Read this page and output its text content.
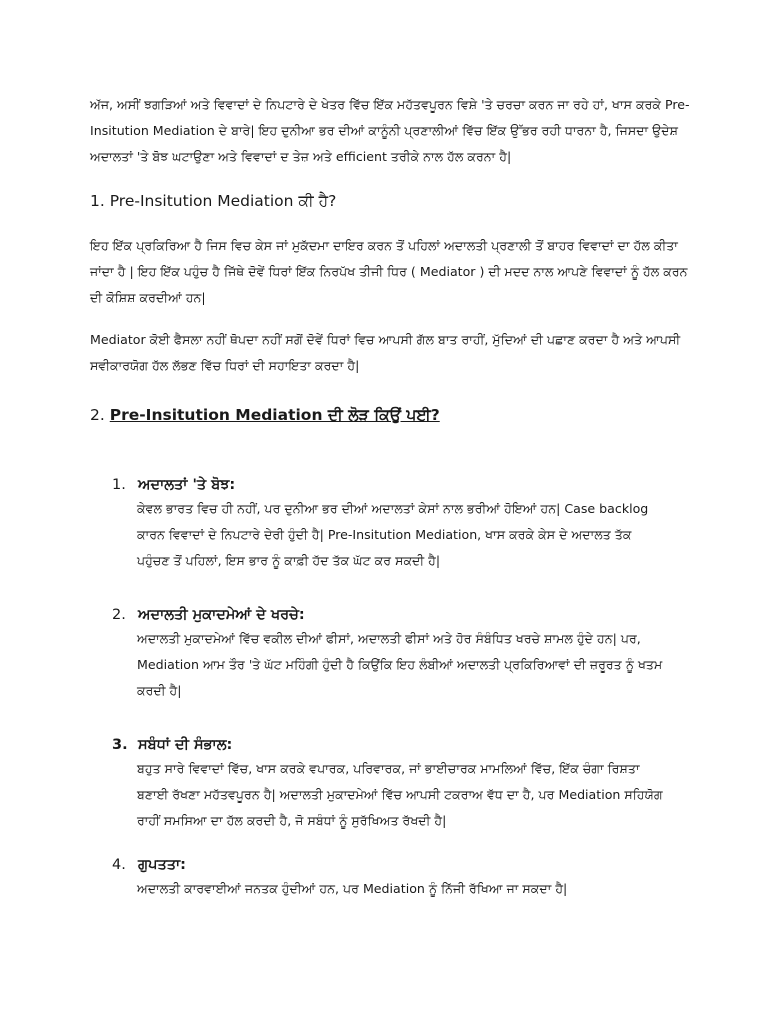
ਅੱਜ, ਅਸੀਂ ਝਗੜਿਆਂ ਅਤੇ ਵਿਵਾਦਾਂ ਦੇ ਨਿਪਟਾਰੇ ਦੇ ਖੇਤਰ ਵਿੱਚ ਇੱਕ ਮਹੱਤਵਪੂਰਨ ਵਿਸ਼ੇ 'ਤੇ ਚਰਚਾ ਕਰਨ ਜਾ ਰਹੇ ਹਾਂ, ਖਾਸ ਕਰਕੇ Pre-Insitution Mediation ਦੇ ਬਾਰੇ| ਇਹ ਦੁਨੀਆ ਭਰ ਦੀਆਂ ਕਾਨੂੰਨੀ ਪ੍ਰਣਾਲੀਆਂ ਵਿੱਚ ਇੱਕ ਉੱਭਰ ਰਹੀ ਧਾਰਨਾ ਹੈ, ਜਿਸਦਾ ਉਦੇਸ਼ ਅਦਾਲਤਾਂ 'ਤੇ ਬੋਝ ਘਟਾਉਣਾ ਅਤੇ ਵਿਵਾਦਾਂ ਦ ਤੇਜ਼ ਅਤੇ efficient ਤਰੀਕੇ ਨਾਲ ਹੱਲ ਕਰਨਾ ਹੈ|

1. Pre-Insitution Mediation ਕੀ ਹੈ?

ਇਹ ਇੱਕ ਪ੍ਰਕਿਰਿਆ ਹੈ ਜਿਸ ਵਿਚ ਕੇਸ ਜਾਂ ਮੁਕੱਦਮਾ ਦਾਇਰ ਕਰਨ ਤੋਂ ਪਹਿਲਾਂ ਅਦਾਲਤੀ ਪ੍ਰਣਾਲੀ ਤੋਂ ਬਾਹਰ ਵਿਵਾਦਾਂ ਦਾ ਹੱਲ ਕੀਤਾ ਜਾਂਦਾ ਹੈ | ਇਹ ਇੱਕ ਪਹੁੰਚ ਹੈ ਜਿੱਥੇ ਦੋਵੇਂ ਧਿਰਾਂ ਇੱਕ ਨਿਰਪੱਖ ਤੀਜੀ ਧਿਰ ( Mediator ) ਦੀ ਮਦਦ ਨਾਲ ਆਪਣੇ ਵਿਵਾਦਾਂ ਨੂੰ ਹੱਲ ਕਰਨ ਦੀ ਕੋਸ਼ਿਸ਼ ਕਰਦੀਆਂ ਹਨ|

Mediator ਕੋਈ ਫੈਸਲਾ ਨਹੀਂ ਥੋਪਦਾ ਨਹੀਂ ਸਗੋਂ ਦੋਵੇਂ ਧਿਰਾਂ ਵਿਚ ਆਪਸੀ ਗੱਲ ਬਾਤ ਰਾਹੀਂ, ਮੁੱਦਿਆਂ ਦੀ ਪਛਾਣ ਕਰਦਾ ਹੈ ਅਤੇ ਆਪਸੀ ਸਵੀਕਾਰਯੋਗ ਹੱਲ ਲੱਭਣ ਵਿੱਚ ਧਿਰਾਂ ਦੀ ਸਹਾਇਤਾ ਕਰਦਾ ਹੈ|

2. Pre-Insitution Mediation ਦੀ ਲੋੜ ਕਿਉਂ ਪਈ?
1. ਅਦਾਲਤਾਂ 'ਤੇ ਬੋਝ:

ਕੇਵਲ ਭਾਰਤ ਵਿਚ ਹੀ ਨਹੀਂ, ਪਰ ਦੁਨੀਆ ਭਰ ਦੀਆਂ ਅਦਾਲਤਾਂ ਕੇਸਾਂ ਨਾਲ ਭਰੀਆਂ ਹੋਇਆਂ ਹਨ| Case backlog ਕਾਰਨ ਵਿਵਾਦਾਂ ਦੇ ਨਿਪਟਾਰੇ ਦੇਰੀ ਹੁੰਦੀ ਹੈ| Pre-Insitution Mediation, ਖਾਸ ਕਰਕੇ ਕੇਸ ਦੇ ਅਦਾਲਤ ਤੱਕ ਪਹੁੰਚਣ ਤੋਂ ਪਹਿਲਾਂ, ਇਸ ਭਾਰ ਨੂੰ ਕਾਫ਼ੀ ਹੱਦ ਤੱਕ ਘੱਟ ਕਰ ਸਕਦੀ ਹੈ|

2. ਅਦਾਲਤੀ ਮੁਕਾਦਮੇਆਂ ਦੇ ਖਰਚੇ:

ਅਦਾਲਤੀ ਮੁਕਾਦਮੇਆਂ ਵਿੱਚ ਵਕੀਲ ਦੀਆਂ ਫੀਸਾਂ, ਅਦਾਲਤੀ ਫੀਸਾਂ ਅਤੇ ਹੋਰ ਸੰਬੰਧਿਤ ਖਰਚੇ ਸ਼ਾਮਲ ਹੁੰਦੇ ਹਨ| ਪਰ, Mediation ਆਮ ਤੌਰ 'ਤੇ ਘੱਟ ਮਹਿੰਗੀ ਹੁੰਦੀ ਹੈ ਕਿਉਂਕਿ ਇਹ ਲੰਬੀਆਂ ਅਦਾਲਤੀ ਪ੍ਰਕਿਰਿਆਵਾਂ ਦੀ ਜ਼ਰੂਰਤ ਨੂੰ ਖਤਮ ਕਰਦੀ ਹੈ|

3. ਸਬੰਧਾਂ ਦੀ ਸੰਭਾਲ:

ਬਹੁਤ ਸਾਰੇ ਵਿਵਾਦਾਂ ਵਿੱਚ, ਖਾਸ ਕਰਕੇ ਵਪਾਰਕ, ਪਰਿਵਾਰਕ, ਜਾਂ ਭਾਈਚਾਰਕ ਮਾਮਲਿਆਂ ਵਿੱਚ, ਇੱਕ ਚੰਗਾ ਰਿਸ਼ਤਾ ਬਣਾਈ ਰੱਖਣਾ ਮਹੱਤਵਪੂਰਨ ਹੈ| ਅਦਾਲਤੀ ਮੁਕਾਦਮੇਆਂ ਵਿੱਚ ਆਪਸੀ ਟਕਰਾਅ ਵੱਧ ਦਾ ਹੈ, ਪਰ Mediation ਸਹਿਯੋਗ ਰਾਹੀਂ ਸਮਸਿਆ ਦਾ ਹੱਲ ਕਰਦੀ ਹੈ, ਜੋ ਸਬੰਧਾਂ ਨੂੰ ਸੁਰੱਖਿਅਤ ਰੱਖਦੀ ਹੈ|

4. ਗੁਪਤਤਾ:

ਅਦਾਲਤੀ ਕਾਰਵਾਈਆਂ ਜਨਤਕ ਹੁੰਦੀਆਂ ਹਨ, ਪਰ Mediation ਨੂੰ ਨਿੱਜੀ ਰੱਖਿਆ ਜਾ ਸਕਦਾ ਹੈ|
